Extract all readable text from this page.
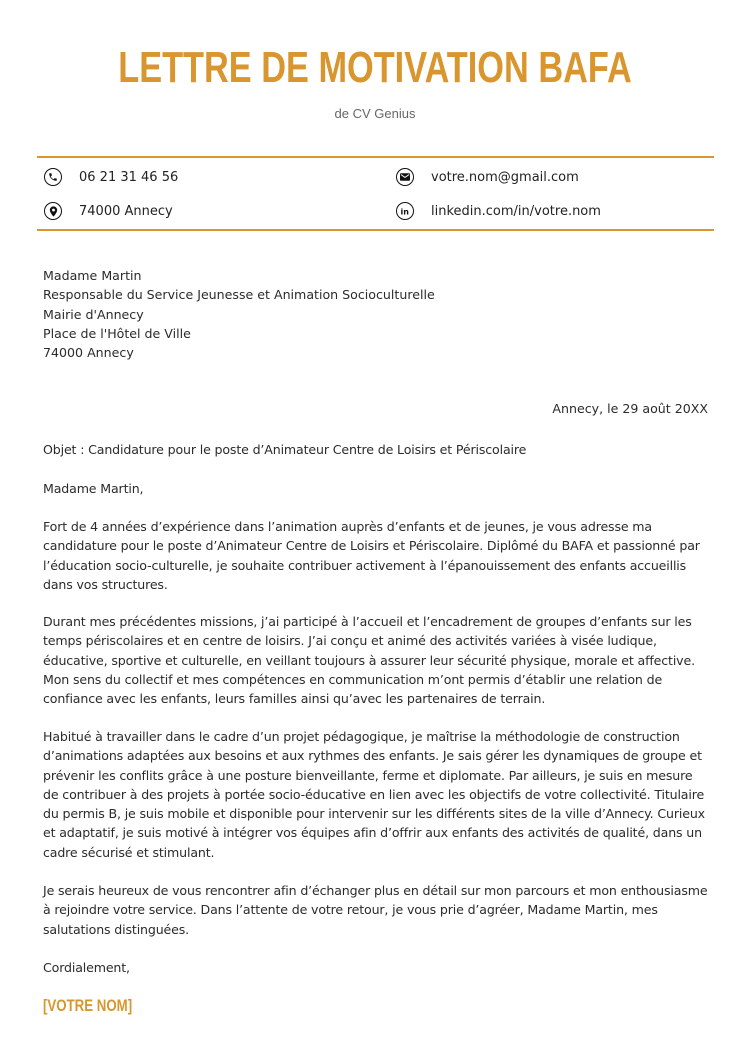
LETTRE DE MOTIVATION BAFA
de CV Genius
06 21 31 46 56
74000 Annecy
votre.nom@gmail.com
in linkedin.com/in/votre.nom
Madame Martin
Responsable du Service Jeunesse et Animation Socioculturelle
Mairie d'Annecy
Place de l'Hôtel de Ville
74000 Annecy
Annecy, le 29 août 20XX
Objet : Candidature pour le poste d’Animateur Centre de Loisirs et Périscolaire
Madame Martin,
Fort de 4 années d’expérience dans l’animation auprès d’enfants et de jeunes, je vous adresse ma candidature pour le poste d’Animateur Centre de Loisirs et Périscolaire. Diplômé du BAFA et passionné par l’éducation socio-culturelle, je souhaite contribuer activement à l’épanouissement des enfants accueillis dans vos structures.
Durant mes précédentes missions, j’ai participé à l’accueil et l’encadrement de groupes d’enfants sur les temps périscolaires et en centre de loisirs. J’ai conçu et animé des activités variées à visée ludique, éducative, sportive et culturelle, en veillant toujours à assurer leur sécurité physique, morale et affective. Mon sens du collectif et mes compétences en communication m’ont permis d’établir une relation de confiance avec les enfants, leurs familles ainsi qu’avec les partenaires de terrain.
Habitué à travailler dans le cadre d’un projet pédagogique, je maîtrise la méthodologie de construction d’animations adaptées aux besoins et aux rythmes des enfants. Je sais gérer les dynamiques de groupe et prévenir les conflits grâce à une posture bienveillante, ferme et diplomate. Par ailleurs, je suis en mesure de contribuer à des projets à portée socio-éducative en lien avec les objectifs de votre collectivité. Titulaire du permis B, je suis mobile et disponible pour intervenir sur les différents sites de la ville d’Annecy. Curieux et adaptatif, je suis motivé à intégrer vos équipes afin d’offrir aux enfants des activités de qualité, dans un cadre sécurisé et stimulant.
Je serais heureux de vous rencontrer afin d’échanger plus en détail sur mon parcours et mon enthousiasme à rejoindre votre service. Dans l’attente de votre retour, je vous prie d’agréer, Madame Martin, mes salutations distinguées.
Cordialement,
[VOTRE NOM]
